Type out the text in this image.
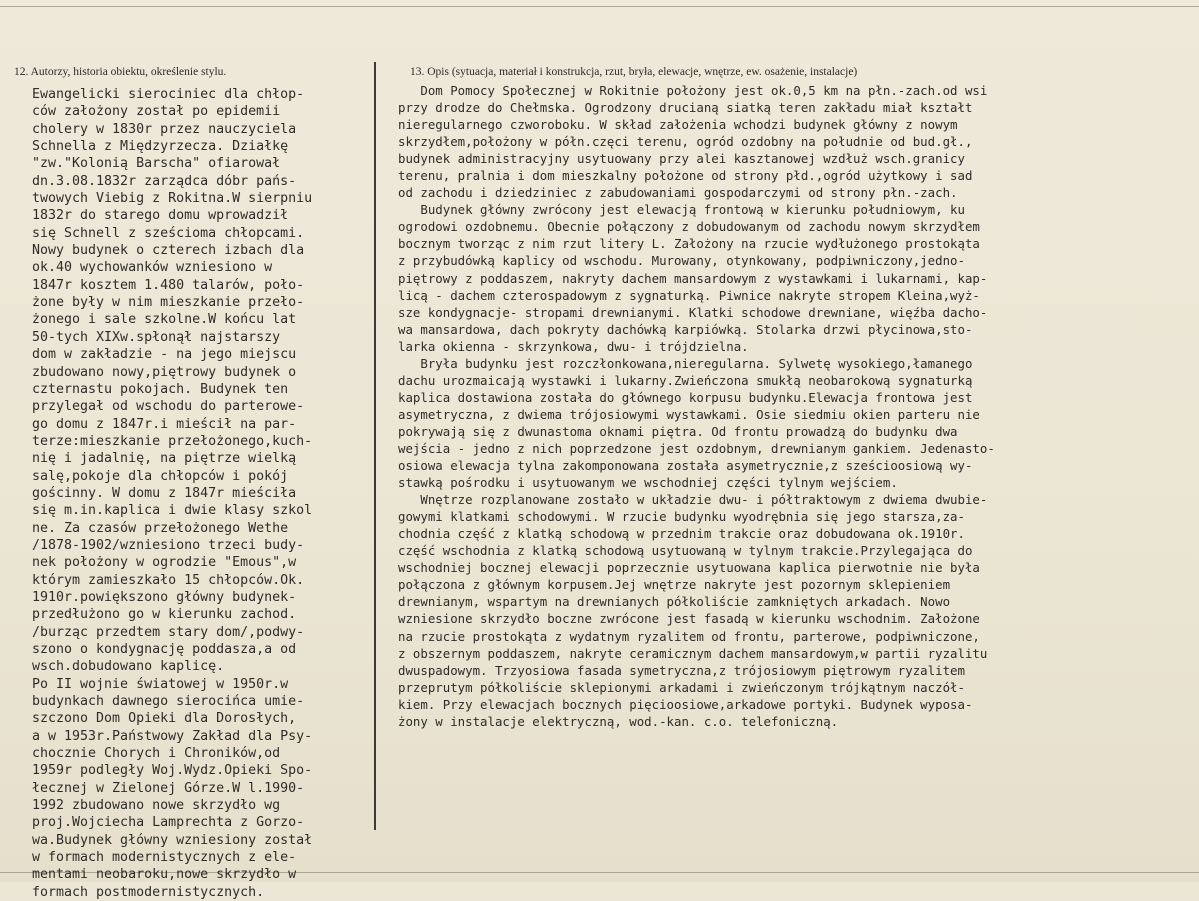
12. Autorzy, historia obiektu, określenie stylu.	13. Opis (sytuacja, materiał i konstrukcja, rzut, bryła, elewacje, wnętrze, ew. osażenie, instalacje)
Ewangelicki sierociniec dla chłop-
ców założony został po epidemii
cholery w 1830r przez nauczyciela
Schnella z Międzyrzecza. Działkę
"zw."Kolonią Barscha" ofiarował
dn.3.08.1832r zarządca dóbr pańs-
twowych Viebig z Rokitna.W sierpniu
1832r do starego domu wprowadził
się Schnell z sześcioma chłopcami.
Nowy budynek o czterech izbach dla
ok.40 wychowanków wzniesiono w
1847r kosztem 1.480 talarów, poło-
żone były w nim mieszkanie przeło-
żonego i sale szkolne.W końcu lat
50-tych XIXw.spłonął najstarszy
dom w zakładzie - na jego miejscu
zbudowano nowy,piętrowy budynek o
czternastu pokojach. Budynek ten
przylegał od wschodu do parterowe-
go domu z 1847r.i mieścił na par-
terze:mieszkanie przełożonego,kuch-
nię i jadalnię, na piętrze wielką
salę,pokoje dla chłopców i pokój
gościnny. W domu z 1847r mieściła
się m.in.kaplica i dwie klasy szkol
ne. Za czasów przełożonego Wethe
/1878-1902/wzniesiono trzeci budy-
nek położony w ogrodzie "Emous",w
którym zamieszkało 15 chłopców.Ok.
1910r.powiększono główny budynek-
przedłużono go w kierunku zachod.
/burząc przedtem stary dom/,podwy-
szono o kondygnację poddasza,a od
wsch.dobudowano kaplicę.
Po II wojnie światowej w 1950r.w
budynkach dawnego sierocińca umie-
szczono Dom Opieki dla Dorosłych,
a w 1953r.Państwowy Zakład dla Psy-
chocznie Chorych i Chroników,od
1959r podległy Woj.Wydz.Opieki Spo-
łecznej w Zielonej Górze.W l.1990-
1992 zbudowano nowe skrzydło wg
proj.Wojciecha Lamprechta z Gorzo-
wa.Budynek główny wzniesiony został
w formach modernistycznych z ele-
mentami neobaroku,nowe skrzydło w
formach postmodernistycznych.
Dom Pomocy Społecznej w Rokitnie położony jest ok.0,5 km na płn.-zach.od wsi
przy drodze do Chełmska. Ogrodzony drucianą siatką teren zakładu miał kształt
nieregularnego czworoboku. W skład założenia wchodzi budynek główny z nowym
skrzydłem,położony w półn.częci terenu, ogród ozdobny na południe od bud.gł.,
budynek administracyjny usytuowany przy alei kasztanowej wzdłuż wsch.granicy
terenu, pralnia i dom mieszkalny położone od strony płd.,ogród użytkowy i sad
od zachodu i dziedziniec z zabudowaniami gospodarczymi od strony płn.-zach.
Budynek główny zwrócony jest elewacją frontową w kierunku południowym, ku
ogrodowi ozdobnemu. Obecnie połączony z dobudowanym od zachodu nowym skrzydłem
bocznym tworząc z nim rzut litery L. Założony na rzucie wydłużonego prostokąta
z przybudówką kaplicy od wschodu. Murowany, otynkowany, podpiwniczony,jedno-
piętrowy z poddaszem, nakryty dachem mansardowym z wystawkami i lukarnami, kap-
licą - dachem czterospadowym z sygnaturką. Piwnice nakryte stropem Kleina,wyż-
sze kondygnacje- stropami drewnianymi. Klatki schodowe drewniane, więźba dacho-
wa mansardowa, dach pokryty dachówką karpiówką. Stolarka drzwi płycinowa,sto-
larka okienna - skrzynkowa, dwu- i trójdzielna.
Bryła budynku jest rozczłonkowana,nieregularna. Sylwetę wysokiego,łamanego
dachu urozmaicają wystawki i lukarny.Zwieńczona smukłą neobarokową sygnaturką
kaplica dostawiona została do głównego korpusu budynku.Elewacja frontowa jest
asymetryczna, z dwiema trójosiowymi wystawkami. Osie siedmiu okien parteru nie
pokrywają się z dwunastoma oknami piętra. Od frontu prowadzą do budynku dwa
wejścia - jedno z nich poprzedzone jest ozdobnym, drewnianym gankiem. Jedenasto-
osiowa elewacja tylna zakomponowana została asymetrycznie,z sześcioosiową wy-
stawką pośrodku i usytuowanym we wschodniej części tylnym wejściem.
Wnętrze rozplanowane zostało w układzie dwu- i półtraktowym z dwiema dwubie-
gowymi klatkami schodowymi. W rzucie budynku wyodrębnia się jego starsza,za-
chodnia część z klatką schodową w przednim trakcie oraz dobudowana ok.1910r.
część wschodnia z klatką schodową usytuowaną w tylnym trakcie.Przylegająca do
wschodniej bocznej elewacji poprzecznie usytuowana kaplica pierwotnie nie była
połączona z głównym korpusem.Jej wnętrze nakryte jest pozornym sklepieniem
drewnianym, wspartym na drewnianych półkoliście zamkniętych arkadach. Nowo
wzniesione skrzydło boczne zwrócone jest fasadą w kierunku wschodnim. Założone
na rzucie prostokąta z wydatnym ryzalitem od frontu, parterowe, podpiwniczone,
z obszernym poddaszem, nakryte ceramicznym dachem mansardowym,w partii ryzalitu
dwuspadowym. Trzyosiowa fasada symetryczna,z trójosiowym piętrowym ryzalitem
przeprutym półkoliście sklepionymi arkadami i zwieńczonym trójkątnym naczół-
kiem. Przy elewacjach bocznych pięcioosiowe,arkadowe portyki. Budynek wyposa-
żony w instalacje elektryczną, wod.-kan. c.o. telefoniczną.
